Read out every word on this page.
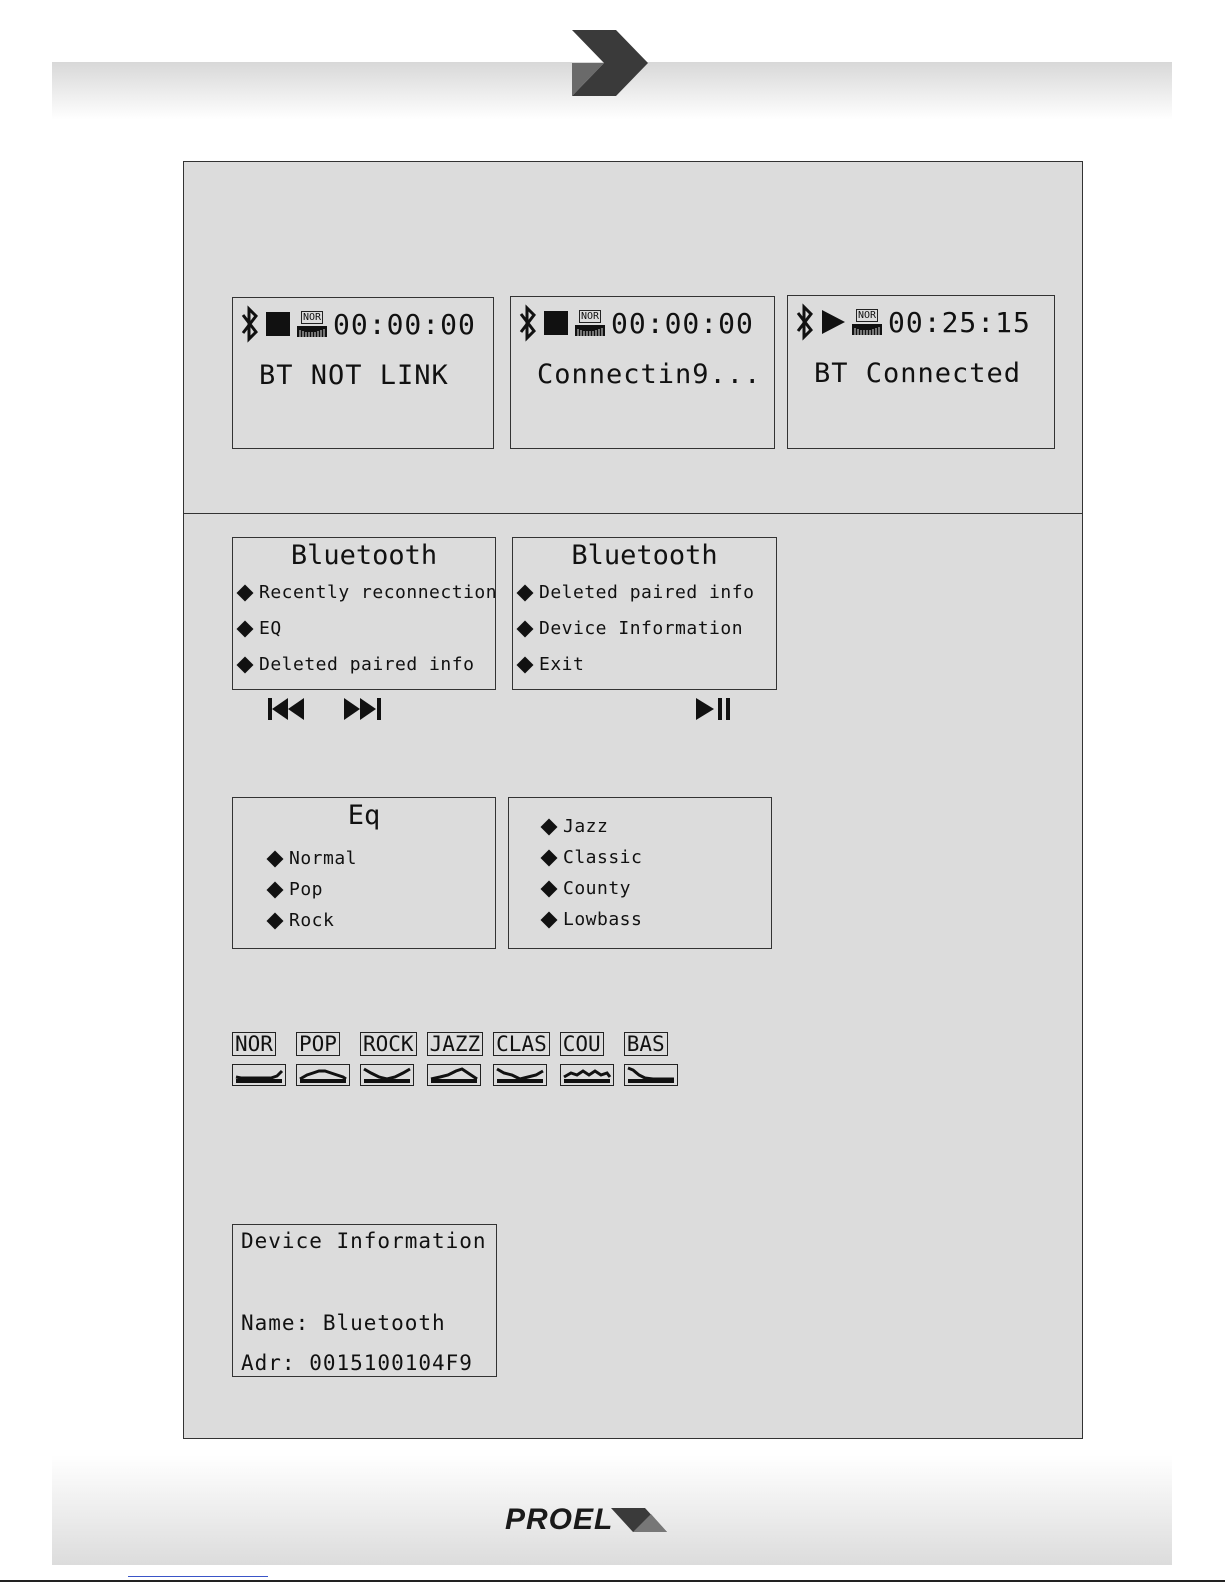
NOR 00:00:00
BT NOT LINK
NOR 00:00:00
Connectin9...
NOR 00:25:15
BT Connected
Bluetooth
Recently reconnection
EQ
Deleted paired info
Bluetooth
Deleted paired info
Device Information
Exit
Eq
Normal
Pop
Rock
Jazz
Classic
County
Lowbass
NOR POP ROCK JAZZ CLAS COU BAS
Device Information
Name: Bluetooth
Adr: 0015100104F9
PROEL
